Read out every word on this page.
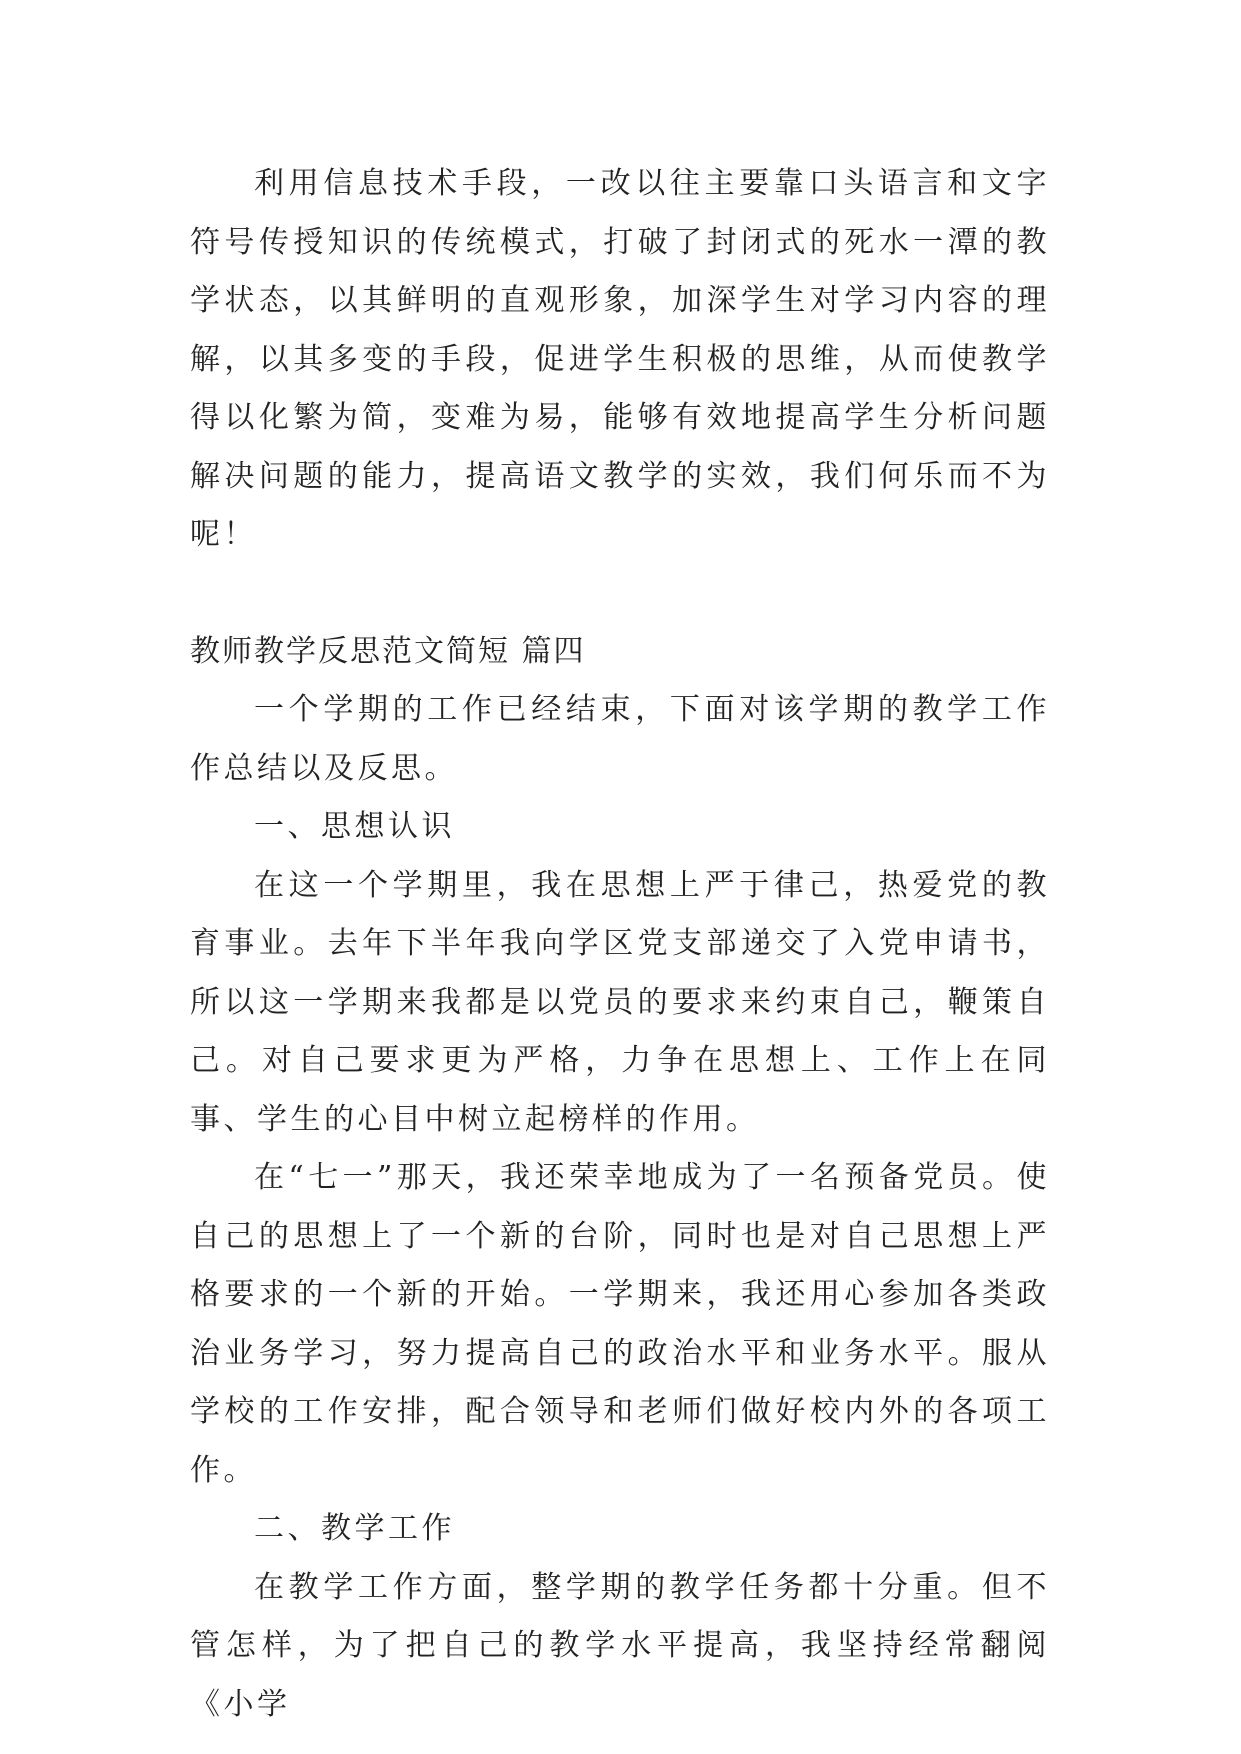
利用信息技术手段，一改以往主要靠口头语言和文字符号传授知识的传统模式，打破了封闭式的死水一潭的教学状态，以其鲜明的直观形象，加深学生对学习内容的理解，以其多变的手段，促进学生积极的思维，从而使教学得以化繁为简，变难为易，能够有效地提高学生分析问题解决问题的能力，提高语文教学的实效，我们何乐而不为呢！

教师教学反思范文简短 篇四

一个学期的工作已经结束，下面对该学期的教学工作作总结以及反思。

一、思想认识

在这一个学期里，我在思想上严于律己，热爱党的教育事业。去年下半年我向学区党支部递交了入党申请书，所以这一学期来我都是以党员的要求来约束自己，鞭策自己。对自己要求更为严格，力争在思想上、工作上在同事、学生的心目中树立起榜样的作用。

在“七一”那天，我还荣幸地成为了一名预备党员。使自己的思想上了一个新的台阶，同时也是对自己思想上严格要求的一个新的开始。一学期来，我还用心参加各类政治业务学习，努力提高自己的政治水平和业务水平。服从学校的工作安排，配合领导和老师们做好校内外的各项工作。

二、教学工作

在教学工作方面，整学期的教学任务都十分重。但不管怎样，为了把自己的教学水平提高，我坚持经常翻阅《小学
